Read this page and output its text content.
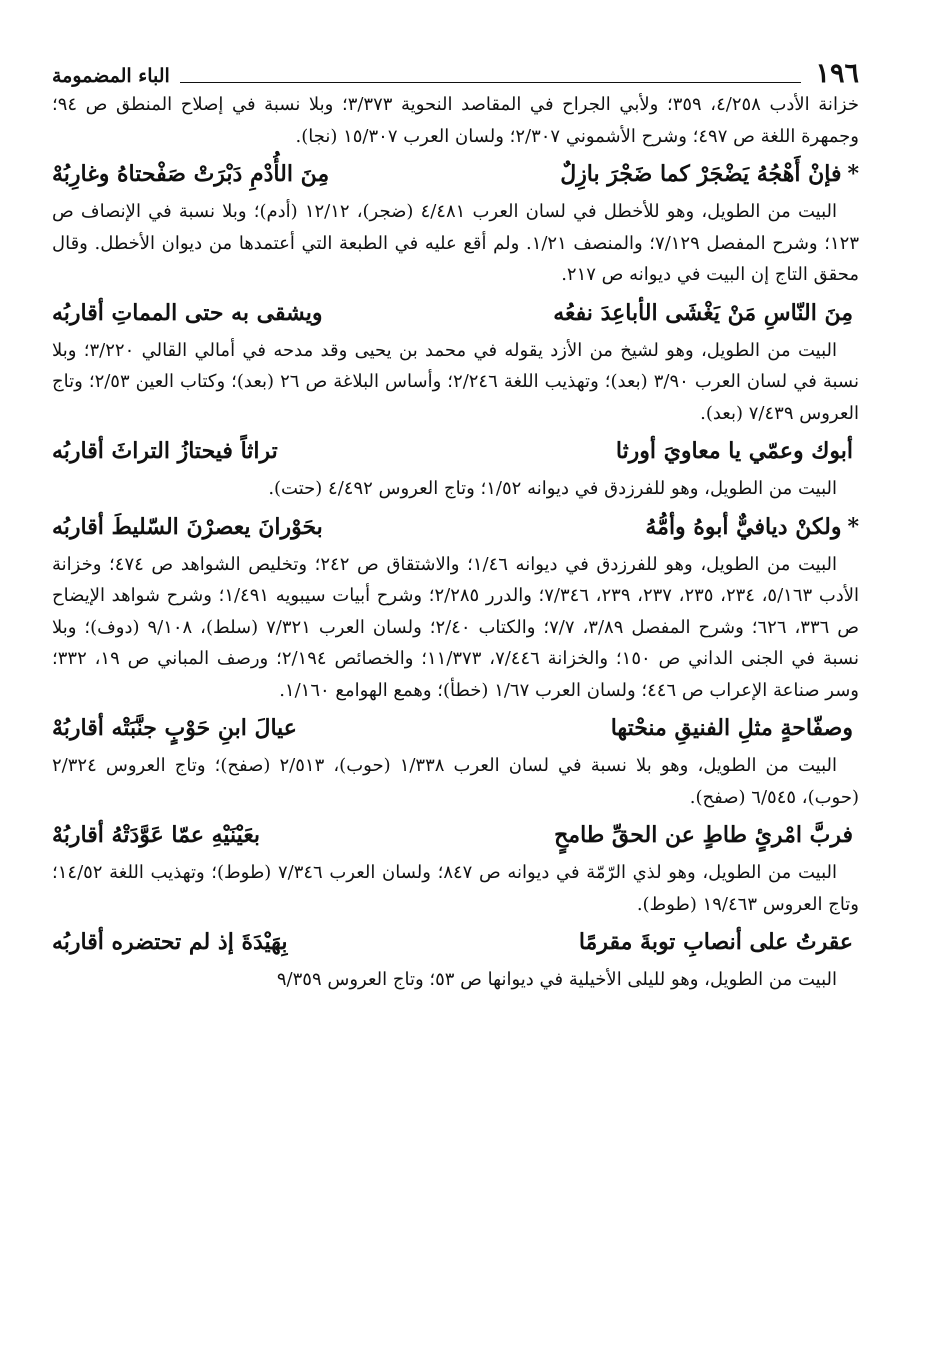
١٩٦
الباء المضمومة

خزانة الأدب ٤/٢٥٨، ٣٥٩؛ ولأبي الجراح في المقاصد النحوية ٣/٣٧٣؛ وبلا نسبة في إصلاح المنطق ص ٩٤؛ وجمهرة اللغة ص ٤٩٧؛ وشرح الأشموني ٢/٣٠٧؛ ولسان العرب ١٥/٣٠٧ (نجا).

*فإنْ أَهْجُهُ يَضْجَرْ كما ضَجْرَ بازِلٌ
مِنَ الأُدْمِ دَبْرَتْ صَفْحتاهُ وغارِبُهْ

البيت من الطويل، وهو للأخطل في لسان العرب ٤/٤٨١ (ضجر)، ١٢/١٢ (أدم)؛ وبلا نسبة في الإنصاف ص ١٢٣؛ وشرح المفصل ٧/١٢٩؛ والمنصف ١/٢١. ولم أقع عليه في الطبعة التي أعتمدها من ديوان الأخطل. وقال محقق التاج إن البيت في ديوانه ص ٢١٧.

مِنَ النّاسِ مَنْ يَغْشَى الأباعِدَ نفعُه
ويشقى به حتى المماتِ أقاربُه

البيت من الطويل، وهو لشيخ من الأزد يقوله في محمد بن يحيى وقد مدحه في أمالي القالي ٣/٢٢٠؛ وبلا نسبة في لسان العرب ٣/٩٠ (بعد)؛ وتهذيب اللغة ٢/٢٤٦؛ وأساس البلاغة ص ٢٦ (بعد)؛ وكتاب العين ٢/٥٣؛ وتاج العروس ٧/٤٣٩ (بعد).

أبوك وعمّي يا معاويَ أورثا
تراثاً فيحتازُ التراثَ أقاربُه

البيت من الطويل، وهو للفرزدق في ديوانه ١/٥٢؛ وتاج العروس ٤/٤٩٢ (حتت).

*ولكنْ ديافيٌّ أبوهُ وأمُّهُ
بحَوْرانَ يعصرْنَ السّليطَ أقاربُه

البيت من الطويل، وهو للفرزدق في ديوانه ١/٤٦؛ والاشتقاق ص ٢٤٢؛ وتخليص الشواهد ص ٤٧٤؛ وخزانة الأدب ٥/١٦٣، ٢٣٤، ٢٣٥، ٢٣٧، ٢٣٩، ٧/٣٤٦؛ والدرر ٢/٢٨٥؛ وشرح أبيات سيبويه ١/٤٩١؛ وشرح شواهد الإيضاح ص ٣٣٦، ٦٢٦؛ وشرح المفصل ٣/٨٩، ٧/٧؛ والكتاب ٢/٤٠؛ ولسان العرب ٧/٣٢١ (سلط)، ٩/١٠٨ (دوف)؛ وبلا نسبة في الجنى الداني ص ١٥٠؛ والخزانة ٧/٤٤٦، ١١/٣٧٣؛ والخصائص ٢/١٩٤؛ ورصف المباني ص ١٩، ٣٣٢؛ وسر صناعة الإعراب ص ٤٤٦؛ ولسان العرب ١/٦٧ (خطأ)؛ وهمع الهوامع ١/١٦٠.

وصفّاحةٍ مثلِ الفنيقِ منحْتها
عيالَ ابنِ حَوْبٍ جنَّبَتْه أقاربُهْ

البيت من الطويل، وهو بلا نسبة في لسان العرب ١/٣٣٨ (حوب)، ٢/٥١٣ (صفح)؛ وتاج العروس ٢/٣٢٤ (حوب)، ٦/٥٤٥ (صفح).

فربَّ امْرئٍ طاطٍ عن الحقِّ طامحٍ
بعَيْنَيْهِ عمّا عَوَّدَتْهُ أقاربُهْ

البيت من الطويل، وهو لذي الرّمّة في ديوانه ص ٨٤٧؛ ولسان العرب ٧/٣٤٦ (طوط)؛ وتهذيب اللغة ١٤/٥٢؛ وتاج العروس ١٩/٤٦٣ (طوط).

عقرتُ على أنصابِ توبةَ مقرمًا
بِهَيْدَةَ إذ لم تحتضره أقاربُه

البيت من الطويل، وهو لليلى الأخيلية في ديوانها ص ٥٣؛ وتاج العروس ٩/٣٥٩
